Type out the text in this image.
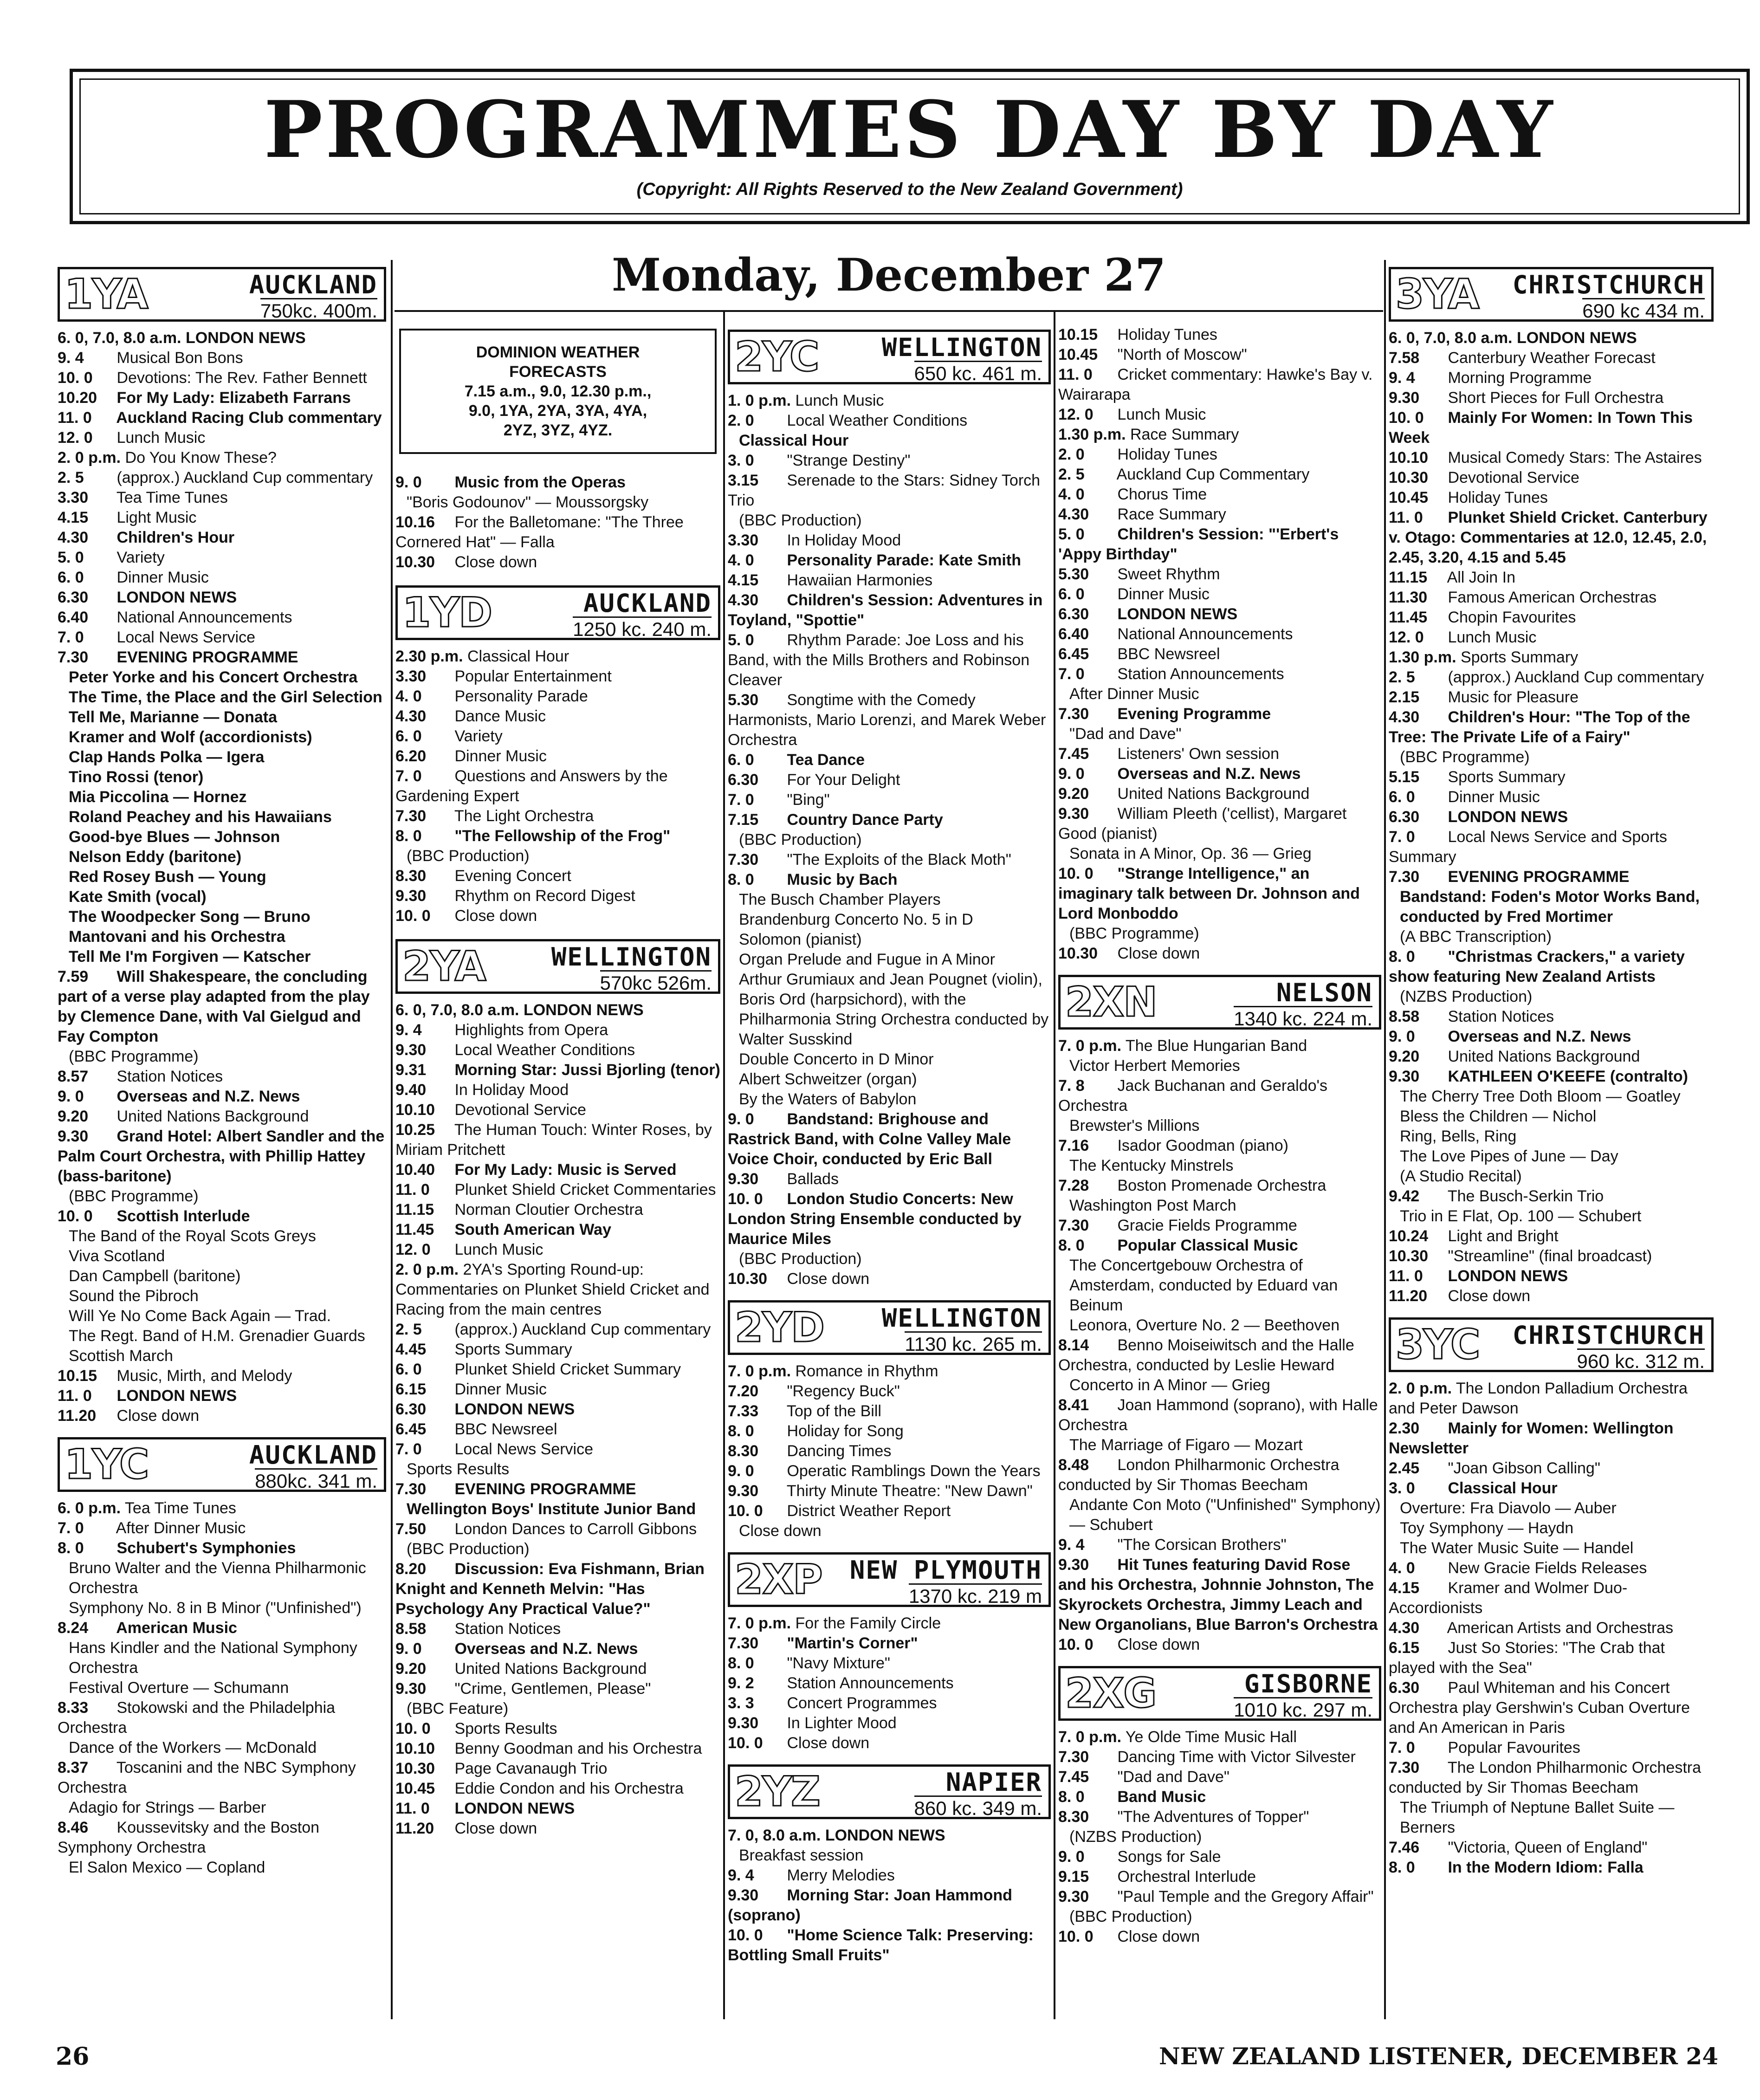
PROGRAMMES DAY BY DAY
(Copyright: All Rights Reserved to the New Zealand Government)
Monday, December 27
1YA	AUCKLAND
750kc. 400m.
6. 0, 7.0, 8.0 a.m. LONDON NEWS
9. 4 Musical Bon Bons
10. 0 Devotions: The Rev. Father Bennett
10.20 For My Lady: Elizabeth Farrans
11. 0 Auckland Racing Club commentary
12. 0 Lunch Music
2. 0 p.m. Do You Know These?
2. 5 (approx.) Auckland Cup commentary
3.30 Tea Time Tunes
4.15 Light Music
4.30 Children's Hour
5. 0 Variety
6. 0 Dinner Music
6.30 LONDON NEWS
6.40 National Announcements
7. 0 Local News Service
7.30 EVENING PROGRAMME
Peter Yorke and his Concert Orchestra
The Time, the Place and the Girl Selection
Tell Me, Marianne — Donata
Kramer and Wolf (accordionists)
Clap Hands Polka — Igera
Tino Rossi (tenor)
Mia Piccolina — Hornez
Roland Peachey and his Hawaiians
Good-bye Blues — Johnson
Nelson Eddy (baritone)
Red Rosey Bush — Young
Kate Smith (vocal)
The Woodpecker Song — Bruno
Mantovani and his Orchestra
Tell Me I'm Forgiven — Katscher
7.59 Will Shakespeare, the concluding part of a verse play adapted from the play by Clemence Dane, with Val Gielgud and Fay Compton
(BBC Programme)
8.57 Station Notices
9. 0 Overseas and N.Z. News
9.20 United Nations Background
9.30 Grand Hotel: Albert Sandler and the Palm Court Orchestra, with Phillip Hattey (bass-baritone)
(BBC Programme)
10. 0 Scottish Interlude
The Band of the Royal Scots Greys
Viva Scotland
Dan Campbell (baritone)
Sound the Pibroch
Will Ye No Come Back Again — Trad.
The Regt. Band of H.M. Grenadier Guards
Scottish March
10.15 Music, Mirth, and Melody
11. 0 LONDON NEWS
11.20 Close down
1YC	AUCKLAND
880kc. 341 m.
6. 0 p.m. Tea Time Tunes
7. 0 After Dinner Music
8. 0 Schubert's Symphonies
Bruno Walter and the Vienna Philharmonic Orchestra
Symphony No. 8 in B Minor ("Unfinished")
8.24 American Music
Hans Kindler and the National Symphony Orchestra
Festival Overture — Schumann
8.33 Stokowski and the Philadelphia Orchestra
Dance of the Workers — McDonald
8.37 Toscanini and the NBC Symphony Orchestra
Adagio for Strings — Barber
8.46 Koussevitsky and the Boston Symphony Orchestra
El Salon Mexico — Copland
DOMINION WEATHER
FORECASTS
7.15 a.m., 9.0, 12.30 p.m.,
9.0, 1YA, 2YA, 3YA, 4YA,
2YZ, 3YZ, 4YZ.
9. 0 Music from the Operas
"Boris Godounov" — Moussorgsky
10.16 For the Balletomane: "The Three Cornered Hat" — Falla
10.30 Close down
1YD	AUCKLAND
1250 kc. 240 m.
2.30 p.m. Classical Hour
3.30 Popular Entertainment
4. 0 Personality Parade
4.30 Dance Music
6. 0 Variety
6.20 Dinner Music
7. 0 Questions and Answers by the Gardening Expert
7.30 The Light Orchestra
8. 0 "The Fellowship of the Frog"
(BBC Production)
8.30 Evening Concert
9.30 Rhythm on Record Digest
10. 0 Close down
2YA	WELLINGTON
570kc 526m.
6. 0, 7.0, 8.0 a.m. LONDON NEWS
9. 4 Highlights from Opera
9.30 Local Weather Conditions
9.31 Morning Star: Jussi Bjorling (tenor)
9.40 In Holiday Mood
10.10 Devotional Service
10.25 The Human Touch: Winter Roses, by Miriam Pritchett
10.40 For My Lady: Music is Served
11. 0 Plunket Shield Cricket Commentaries
11.15 Norman Cloutier Orchestra
11.45 South American Way
12. 0 Lunch Music
2. 0 p.m. 2YA's Sporting Round-up: Commentaries on Plunket Shield Cricket and Racing from the main centres
2. 5 (approx.) Auckland Cup commentary
4.45 Sports Summary
6. 0 Plunket Shield Cricket Summary
6.15 Dinner Music
6.30 LONDON NEWS
6.45 BBC Newsreel
7. 0 Local News Service
Sports Results
7.30 EVENING PROGRAMME
Wellington Boys' Institute Junior Band
7.50 London Dances to Carroll Gibbons
(BBC Production)
8.20 Discussion: Eva Fishmann, Brian Knight and Kenneth Melvin: "Has Psychology Any Practical Value?"
8.58 Station Notices
9. 0 Overseas and N.Z. News
9.20 United Nations Background
9.30 "Crime, Gentlemen, Please"
(BBC Feature)
10. 0 Sports Results
10.10 Benny Goodman and his Orchestra
10.30 Page Cavanaugh Trio
10.45 Eddie Condon and his Orchestra
11. 0 LONDON NEWS
11.20 Close down
2YC	WELLINGTON
650 kc. 461 m.
1. 0 p.m. Lunch Music
2. 0 Local Weather Conditions
Classical Hour
3. 0 "Strange Destiny"
3.15 Serenade to the Stars: Sidney Torch Trio
(BBC Production)
3.30 In Holiday Mood
4. 0 Personality Parade: Kate Smith
4.15 Hawaiian Harmonies
4.30 Children's Session: Adventures in Toyland, "Spottie"
5. 0 Rhythm Parade: Joe Loss and his Band, with the Mills Brothers and Robinson Cleaver
5.30 Songtime with the Comedy Harmonists, Mario Lorenzi, and Marek Weber Orchestra
6. 0 Tea Dance
6.30 For Your Delight
7. 0 "Bing"
7.15 Country Dance Party
(BBC Production)
7.30 "The Exploits of the Black Moth"
8. 0 Music by Bach
The Busch Chamber Players
Brandenburg Concerto No. 5 in D
Solomon (pianist)
Organ Prelude and Fugue in A Minor
Arthur Grumiaux and Jean Pougnet (violin), Boris Ord (harpsichord), with the Philharmonia String Orchestra conducted by Walter Susskind
Double Concerto in D Minor
Albert Schweitzer (organ)
By the Waters of Babylon
9. 0 Bandstand: Brighouse and Rastrick Band, with Colne Valley Male Voice Choir, conducted by Eric Ball
9.30 Ballads
10. 0 London Studio Concerts: New London String Ensemble conducted by Maurice Miles
(BBC Production)
10.30 Close down
2YD WELLINGTON
1130 kc. 265 m.
7. 0 p.m. Romance in Rhythm
7.20 "Regency Buck"
7.33 Top of the Bill
8. 0 Holiday for Song
8.30 Dancing Times
9. 0 Operatic Ramblings Down the Years
9.30 Thirty Minute Theatre: "New Dawn"
10. 0 District Weather Report
Close down
2XP NEW PLYMOUTH
1370 kc. 219 m
7. 0 p.m. For the Family Circle
7.30 "Martin's Corner"
8. 0 "Navy Mixture"
9. 2 Station Announcements
3. 3 Concert Programmes
9.30 In Lighter Mood
10. 0 Close down
2YZ	NAPIER
860 kc. 349 m.
7. 0, 8.0 a.m. LONDON NEWS
Breakfast session
9. 4 Merry Melodies
9.30 Morning Star: Joan Hammond (soprano)
10. 0 "Home Science Talk: Preserving: Bottling Small Fruits"
10.15 Holiday Tunes
10.45 "North of Moscow"
11. 0 Cricket commentary: Hawke's Bay v. Wairarapa
12. 0 Lunch Music
1.30 p.m. Race Summary
2. 0 Holiday Tunes
2. 5 Auckland Cup Commentary
4. 0 Chorus Time
4.30 Race Summary
5. 0 Children's Session: "'Erbert's 'Appy Birthday"
5.30 Sweet Rhythm
6. 0 Dinner Music
6.30 LONDON NEWS
6.40 National Announcements
6.45 BBC Newsreel
7. 0 Station Announcements
After Dinner Music
7.30 Evening Programme
"Dad and Dave"
7.45 Listeners' Own session
9. 0 Overseas and N.Z. News
9.20 United Nations Background
9.30 William Pleeth ('cellist), Margaret Good (pianist)
Sonata in A Minor, Op. 36 — Grieg
10. 0 "Strange Intelligence," an imaginary talk between Dr. Johnson and Lord Monboddo
(BBC Programme)
10.30 Close down
2XN	NELSON
1340 kc. 224 m.
7. 0 p.m. The Blue Hungarian Band
Victor Herbert Memories
7. 8 Jack Buchanan and Geraldo's Orchestra
Brewster's Millions
7.16 Isador Goodman (piano)
The Kentucky Minstrels
7.28 Boston Promenade Orchestra
Washington Post March
7.30 Gracie Fields Programme
8. 0 Popular Classical Music
The Concertgebouw Orchestra of Amsterdam, conducted by Eduard van Beinum
Leonora, Overture No. 2 — Beethoven
8.14 Benno Moiseiwitsch and the Halle Orchestra, conducted by Leslie Heward
Concerto in A Minor — Grieg
8.41 Joan Hammond (soprano), with Halle Orchestra
The Marriage of Figaro — Mozart
8.48 London Philharmonic Orchestra conducted by Sir Thomas Beecham
Andante Con Moto ("Unfinished" Symphony) — Schubert
9. 4 "The Corsican Brothers"
9.30 Hit Tunes featuring David Rose and his Orchestra, Johnnie Johnston, The Skyrockets Orchestra, Jimmy Leach and New Organolians, Blue Barron's Orchestra
10. 0 Close down
2XG	GISBORNE
1010 kc. 297 m.
7. 0 p.m. Ye Olde Time Music Hall
7.30 Dancing Time with Victor Silvester
7.45 "Dad and Dave"
8. 0 Band Music
8.30 "The Adventures of Topper"
(NZBS Production)
9. 0 Songs for Sale
9.15 Orchestral Interlude
9.30 "Paul Temple and the Gregory Affair"
(BBC Production)
10. 0 Close down
3YA CHRISTCHURCH
690 kc 434 m.
6. 0, 7.0, 8.0 a.m. LONDON NEWS
7.58 Canterbury Weather Forecast
9. 4 Morning Programme
9.30 Short Pieces for Full Orchestra
10. 0 Mainly For Women: In Town This Week
10.10 Musical Comedy Stars: The Astaires
10.30 Devotional Service
10.45 Holiday Tunes
11. 0 Plunket Shield Cricket. Canterbury v. Otago: Commentaries at 12.0, 12.45, 2.0, 2.45, 3.20, 4.15 and 5.45
11.15 All Join In
11.30 Famous American Orchestras
11.45 Chopin Favourites
12. 0 Lunch Music
1.30 p.m. Sports Summary
2. 5 (approx.) Auckland Cup commentary
2.15 Music for Pleasure
4.30 Children's Hour: "The Top of the Tree: The Private Life of a Fairy"
(BBC Programme)
5.15 Sports Summary
6. 0 Dinner Music
6.30 LONDON NEWS
7. 0 Local News Service and Sports Summary
7.30 EVENING PROGRAMME
Bandstand: Foden's Motor Works Band, conducted by Fred Mortimer
(A BBC Transcription)
8. 0 "Christmas Crackers," a variety show featuring New Zealand Artists
(NZBS Production)
8.58 Station Notices
9. 0 Overseas and N.Z. News
9.20 United Nations Background
9.30 KATHLEEN O'KEEFE (contralto)
The Cherry Tree Doth Bloom — Goatley
Bless the Children — Nichol
Ring, Bells, Ring
The Love Pipes of June — Day
(A Studio Recital)
9.42 The Busch-Serkin Trio
Trio in E Flat, Op. 100 — Schubert
10.24 Light and Bright
10.30 "Streamline" (final broadcast)
11. 0 LONDON NEWS
11.20 Close down
3YC CHRISTCHURCH
960 kc. 312 m.
2. 0 p.m. The London Palladium Orchestra and Peter Dawson
2.30 Mainly for Women: Wellington Newsletter
2.45 "Joan Gibson Calling"
3. 0 Classical Hour
Overture: Fra Diavolo — Auber
Toy Symphony — Haydn
The Water Music Suite — Handel
4. 0 New Gracie Fields Releases
4.15 Kramer and Wolmer Duo-Accordionists
4.30 American Artists and Orchestras
6.15 Just So Stories: "The Crab that played with the Sea"
6.30 Paul Whiteman and his Concert Orchestra play Gershwin's Cuban Overture and An American in Paris
7. 0 Popular Favourites
7.30 The London Philharmonic Orchestra conducted by Sir Thomas Beecham
The Triumph of Neptune Ballet Suite — Berners
7.46 "Victoria, Queen of England"
8. 0 In the Modern Idiom: Falla
26	NEW ZEALAND LISTENER, DECEMBER 24
